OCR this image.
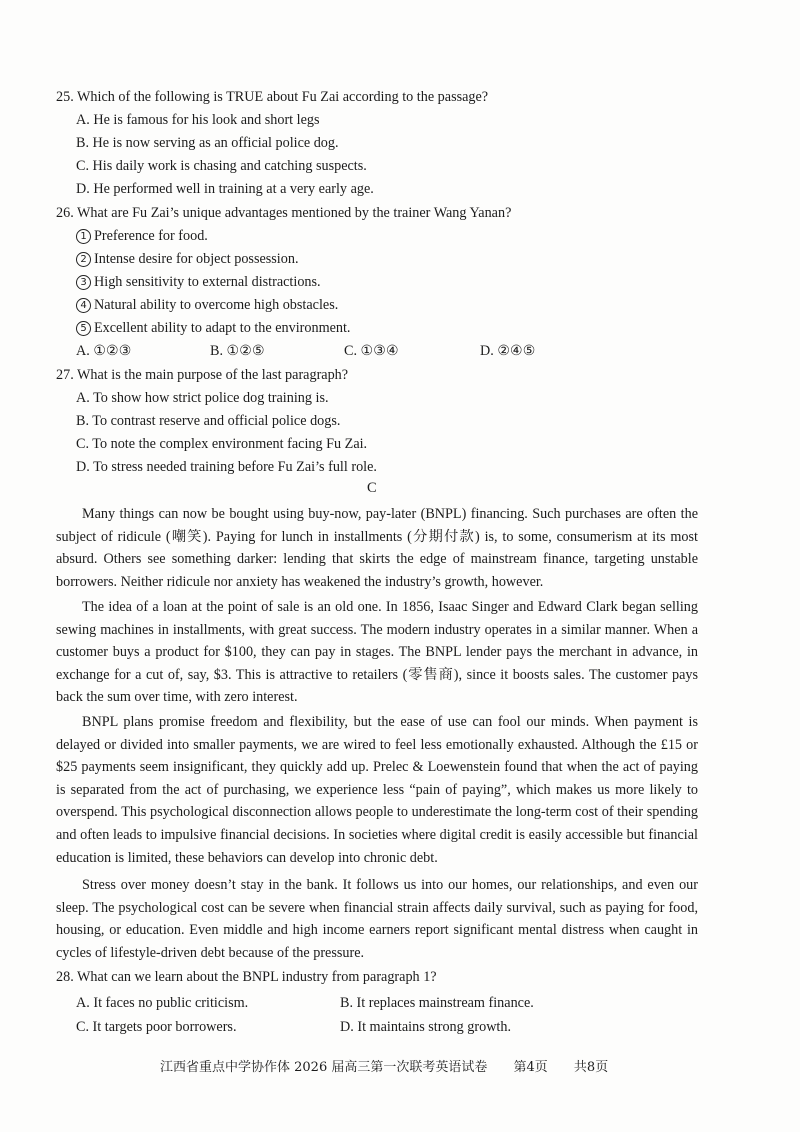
25. Which of the following is TRUE about Fu Zai according to the passage?
A. He is famous for his look and short legs
B. He is now serving as an official police dog.
C. His daily work is chasing and catching suspects.
D. He performed well in training at a very early age.
26. What are Fu Zai’s unique advantages mentioned by the trainer Wang Yanan?
1 Preference for food.
2 Intense desire for object possession.
3 High sensitivity to external distractions.
4 Natural ability to overcome high obstacles.
5 Excellent ability to adapt to the environment.
A. ①②③	B. ①②⑤	C. ①③④	D. ②④⑤
27. What is the main purpose of the last paragraph?
A. To show how strict police dog training is.
B. To contrast reserve and official police dogs.
C. To note the complex environment facing Fu Zai.
D. To stress needed training before Fu Zai’s full role.
C

Many things can now be bought using buy-now, pay-later (BNPL) financing. Such purchases are often the subject of ridicule (嘲笑). Paying for lunch in installments (分期付款) is, to some, consumerism at its most absurd. Others see something darker: lending that skirts the edge of mainstream finance, targeting unstable borrowers. Neither ridicule nor anxiety has weakened the industry’s growth, however.

The idea of a loan at the point of sale is an old one. In 1856, Isaac Singer and Edward Clark began selling sewing machines in installments, with great success. The modern industry operates in a similar manner. When a customer buys a product for $100, they can pay in stages. The BNPL lender pays the merchant in advance, in exchange for a cut of, say, $3. This is attractive to retailers (零售商), since it boosts sales. The customer pays back the sum over time, with zero interest.

BNPL plans promise freedom and flexibility, but the ease of use can fool our minds. When payment is delayed or divided into smaller payments, we are wired to feel less emotionally exhausted. Although the £15 or $25 payments seem insignificant, they quickly add up. Prelec & Loewenstein found that when the act of paying is separated from the act of purchasing, we experience less “pain of paying”, which makes us more likely to overspend. This psychological disconnection allows people to underestimate the long-term cost of their spending and often leads to impulsive financial decisions. In societies where digital credit is easily accessible but financial education is limited, these behaviors can develop into chronic debt.

Stress over money doesn’t stay in the bank. It follows us into our homes, our relationships, and even our sleep. The psychological cost can be severe when financial strain affects daily survival, such as paying for food, housing, or education. Even middle and high income earners report significant mental distress when caught in cycles of lifestyle-driven debt because of the pressure.

28. What can we learn about the BNPL industry from paragraph 1?
A. It faces no public criticism.	B. It replaces mainstream finance.
C. It targets poor borrowers.	D. It maintains strong growth.
江西省重点中学协作体 2026 届高三第一次联考英语试卷 第4页 共8页
